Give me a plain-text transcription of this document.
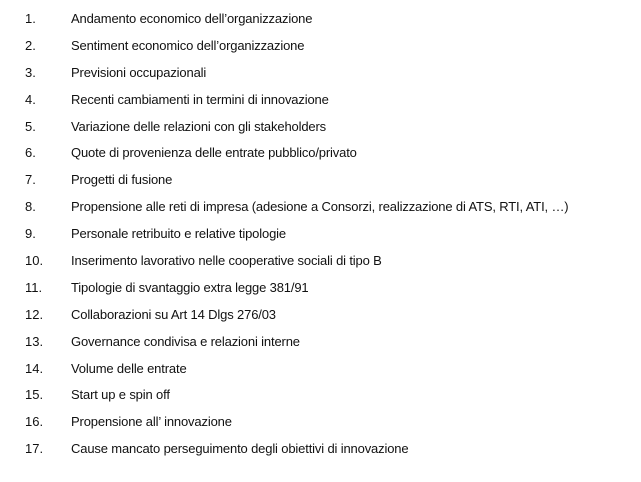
1.	Andamento economico dell’organizzazione
2.	Sentiment economico dell’organizzazione
3.	Previsioni occupazionali
4.	Recenti cambiamenti in termini di innovazione
5.	Variazione delle relazioni con gli stakeholders
6.	Quote di provenienza delle entrate pubblico/privato
7.	Progetti di fusione
8.	Propensione alle reti di impresa (adesione a Consorzi, realizzazione di ATS, RTI, ATI, …)
9.	Personale retribuito e relative tipologie
10. Inserimento lavorativo nelle cooperative sociali di tipo B
11. Tipologie di svantaggio extra legge 381/91
12. Collaborazioni su Art 14 Dlgs 276/03
13. Governance condivisa e relazioni interne
14. Volume delle entrate
15. Start up e spin off
16. Propensione all’ innovazione
17. Cause mancato perseguimento degli obiettivi di innovazione
